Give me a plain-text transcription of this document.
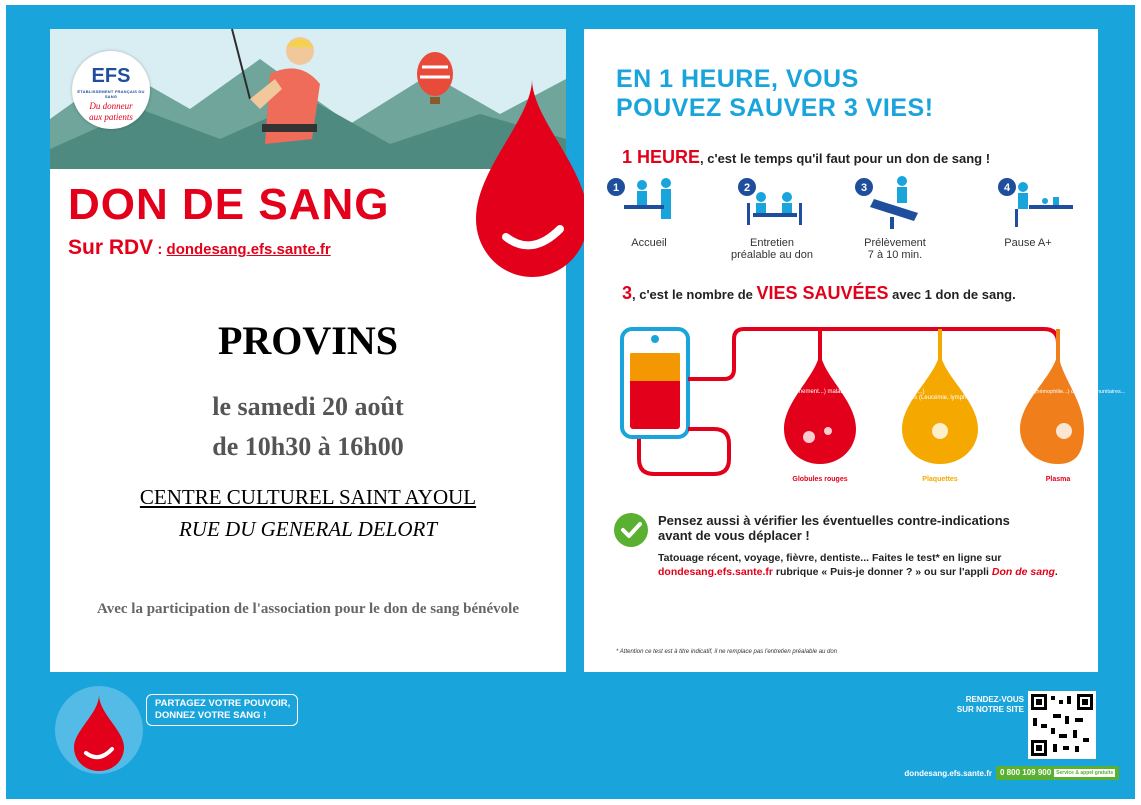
EFS
ÉTABLISSEMENT FRANÇAIS DU SANG
Du donneur
aux patients
DON DE SANG
Sur RDV : dondesang.efs.sante.fr
PROVINS
le samedi 20 août
de 10h30 à 16h00
CENTRE CULTUREL SAINT AYOUL
RUE DU GENERAL DELORT
Avec la participation de l'association pour le don de sang bénévole
EN 1 HEURE, VOUS
POUVEZ SAUVER 3 VIES!
1 HEURE, c'est le temps qu'il faut pour un don de sang !
1
Accueil
2
Entretien
préalable au don
3
Prélèvement
7 à 10 min.
4
Pause A+
3, c'est le nombre de VIES SAUVÉES avec 1 don de sang.
Hémorragies (chirurgie, accouchement...) maladies du sang (drépanocytose...)
Cancers (Leucémie, lymphome...)
Maladies génétiques (hémophilie...) déficits immunitaires...
Globules rouges	Plaquettes	Plasma
Pensez aussi à vérifier les éventuelles contre-indications
avant de vous déplacer !
Tatouage récent, voyage, fièvre, dentiste... Faites le test* en ligne sur
dondesang.efs.sante.fr rubrique « Puis-je donner ? » ou sur l'appli Don de sang.
* Attention ce test est à titre indicatif, il ne remplace pas l'entretien préalable au don
PARTAGEZ VOTRE POUVOIR,
DONNEZ VOTRE SANG !
RENDEZ-VOUS
SUR NOTRE SITE
dondesang.efs.sante.fr	0 800 109 900 Service & appel gratuits
